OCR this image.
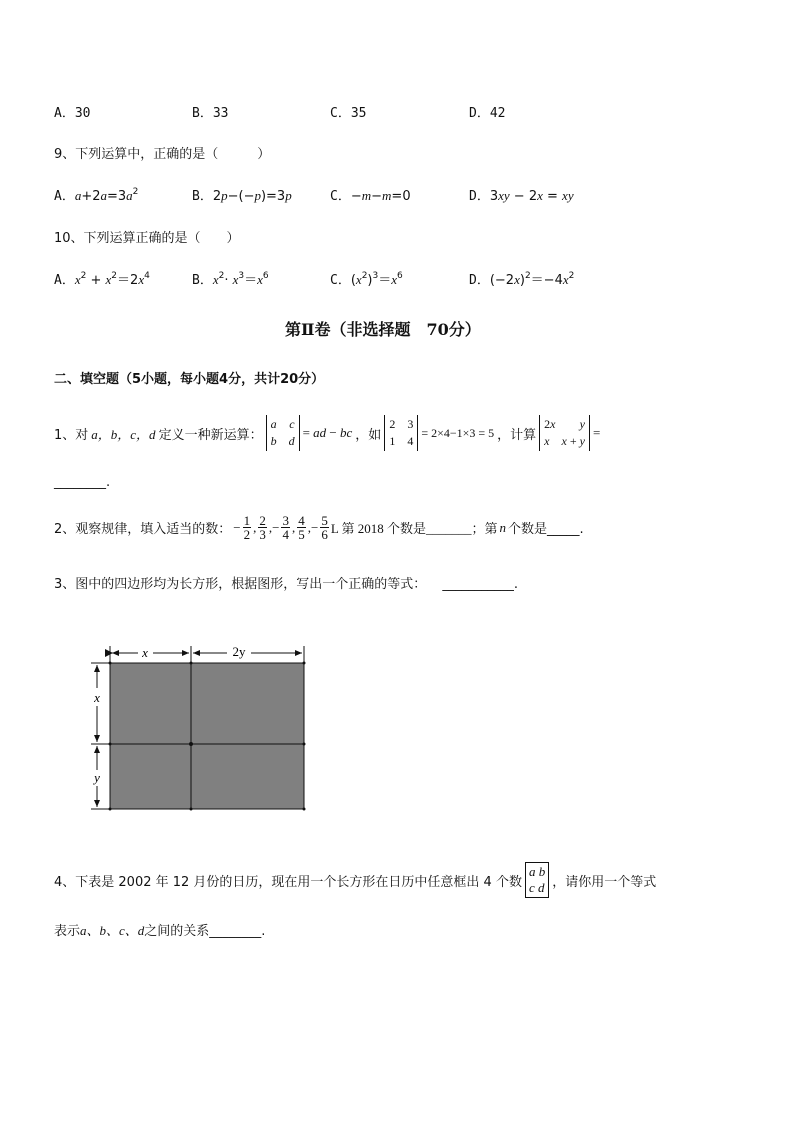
A．30	B．33	C．35	D．42
9、下列运算中，正确的是（　　　）
A．$a+2a=3a^2$	B．2p−(−p)=3p	C．−m−m=0	D．3xy − 2x = xy
10、下列运算正确的是（　　）
A．$x^2 + x^2=2x^4$	B．$x^2\cdot x^3=x^6$	C．$(x^2)^3=x^6$	D．$(-2x)^2=-4x^2$
第Ⅱ卷（非选择题　70分）
二、填空题（5小题，每小题4分，共计20分）
1、对 a，b，c，d 定义一种新运算：
a c
b d
= ad − bc ，如
2 3
1 4
= 2×4−1×3 = 5 ，计算
2x y
x x + y
=
________.
2、观察规律，填入适当的数： − $\frac{1}{2}$ , $\frac{2}{3}$ ,− $\frac{3}{4}$ , $\frac{4}{5}$ ,− $\frac{5}{6}$ L 第 2018 个数是_______；第 n 个数是_____.
3、图中的四边形均为长方形，根据图形，写出一个正确的等式： ___________.
x	2y
x
y
4、下表是 2002 年 12 月份的日历，现在用一个长方形在日历中任意框出 4 个数
a b
c d ，请你用一个等式
表示a、b、c、d之间的关系________.
